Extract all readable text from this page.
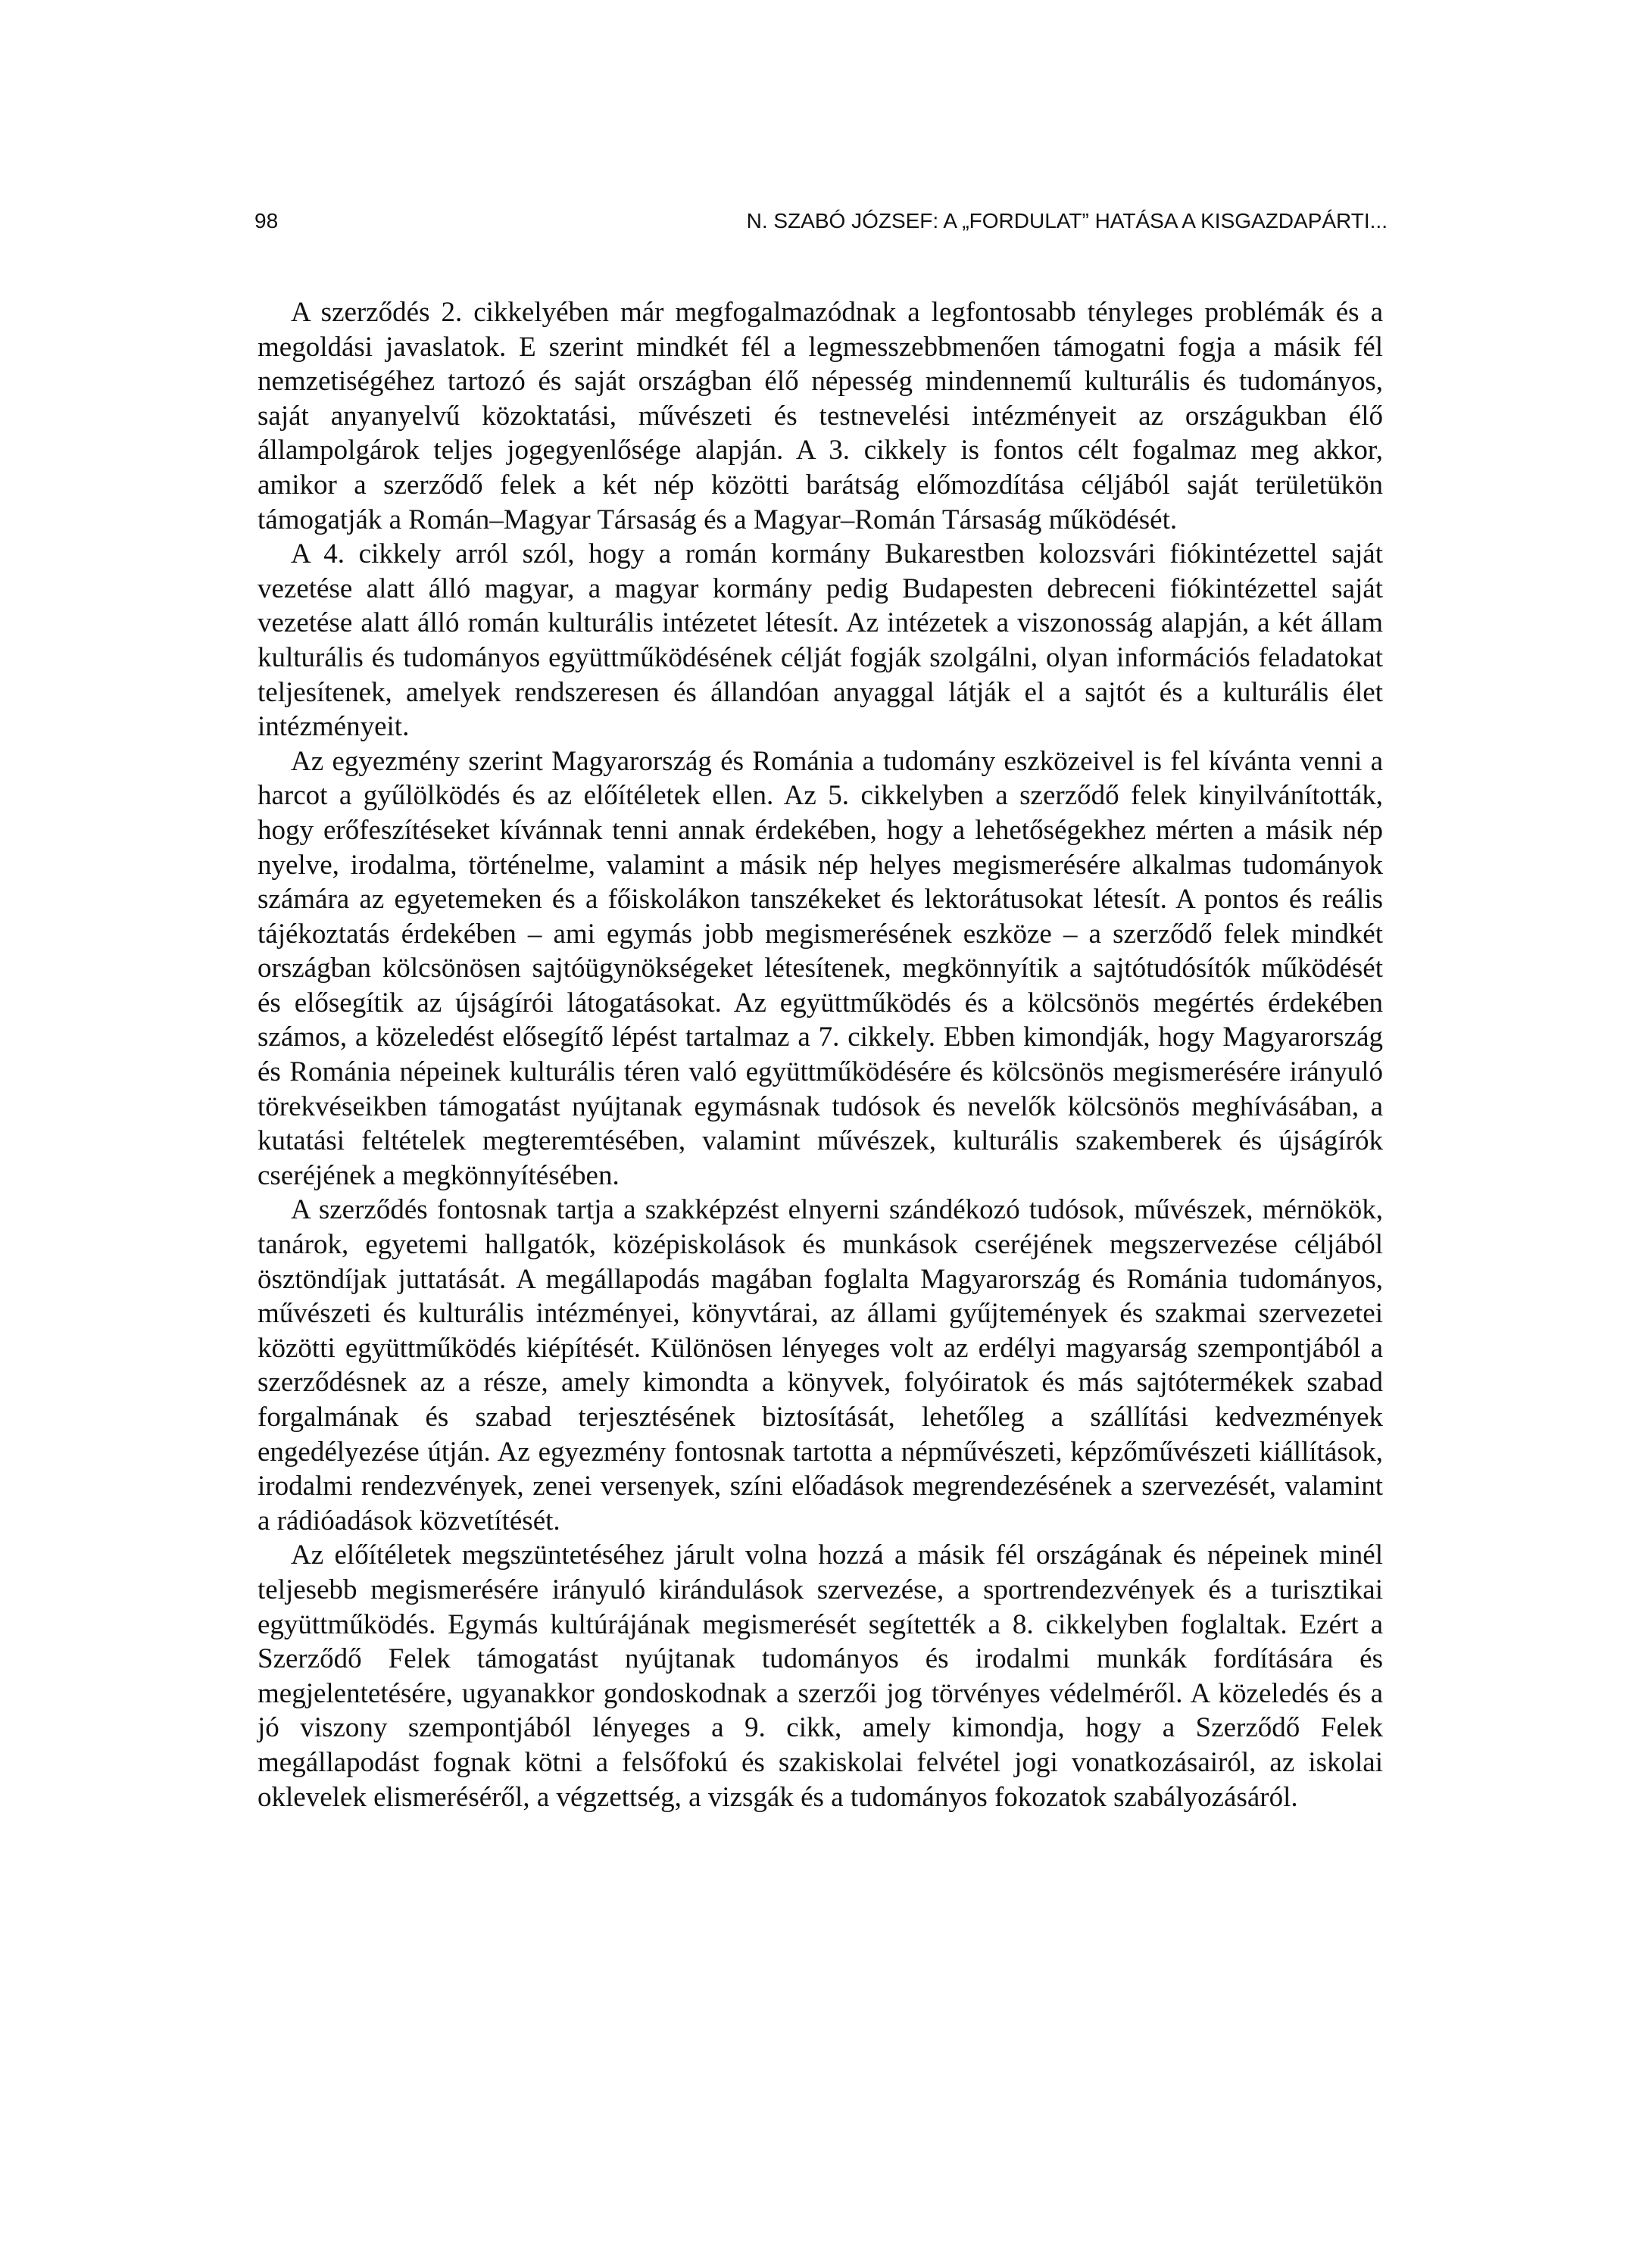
98	N. SZABÓ JÓZSEF: A „FORDULAT” HATÁSA A KISGAZDAPÁRTI...

A szerződés 2. cikkelyében már megfogalmazódnak a legfontosabb tényleges problémák és a megoldási javaslatok. E szerint mindkét fél a legmesszebbmenően támogatni fogja a másik fél nemzetiségéhez tartozó és saját országban élő népesség mindennemű kulturális és tudományos, saját anyanyelvű közoktatási, művészeti és testnevelési intézményeit az országukban élő állampolgárok teljes jogegyenlősége alapján. A 3. cikkely is fontos célt fogalmaz meg akkor, amikor a szerződő felek a két nép közötti barátság előmozdítása céljából saját területükön támogatják a Román–Magyar Társaság és a Magyar–Román Társaság működését.

A 4. cikkely arról szól, hogy a román kormány Bukarestben kolozsvári fiókintézettel saját vezetése alatt álló magyar, a magyar kormány pedig Budapesten debreceni fiókintézettel saját vezetése alatt álló román kulturális intézetet létesít. Az intézetek a viszonosság alapján, a két állam kulturális és tudományos együttműködésének célját fogják szolgálni, olyan információs feladatokat teljesítenek, amelyek rendszeresen és állandóan anyaggal látják el a sajtót és a kulturális élet intézményeit.

Az egyezmény szerint Magyarország és Románia a tudomány eszközeivel is fel kívánta venni a harcot a gyűlölködés és az előítéletek ellen. Az 5. cikkelyben a szerződő felek kinyilvánították, hogy erőfeszítéseket kívánnak tenni annak érdekében, hogy a lehetőségekhez mérten a másik nép nyelve, irodalma, történelme, valamint a másik nép helyes megismerésére alkalmas tudományok számára az egyetemeken és a főiskolákon tanszékeket és lektorátusokat létesít. A pontos és reális tájékoztatás érdekében – ami egymás jobb megismerésének eszköze – a szerződő felek mindkét országban kölcsönösen sajtóügynökségeket létesítenek, megkönnyítik a sajtótudósítók működését és elősegítik az újságírói látogatásokat. Az együttműködés és a kölcsönös megértés érdekében számos, a közeledést elősegítő lépést tartalmaz a 7. cikkely. Ebben kimondják, hogy Magyarország és Románia népeinek kulturális téren való együttműködésére és kölcsönös megismerésére irányuló törekvéseikben támogatást nyújtanak egymásnak tudósok és nevelők kölcsönös meghívásában, a kutatási feltételek megteremtésében, valamint művészek, kulturális szakemberek és újságírók cseréjének a megkönnyítésében.

A szerződés fontosnak tartja a szakképzést elnyerni szándékozó tudósok, művészek, mérnökök, tanárok, egyetemi hallgatók, középiskolások és munkások cseréjének megszervezése céljából ösztöndíjak juttatását. A megállapodás magában foglalta Magyarország és Románia tudományos, művészeti és kulturális intézményei, könyvtárai, az állami gyűjtemények és szakmai szervezetei közötti együttműködés kiépítését. Különösen lényeges volt az erdélyi magyarság szempontjából a szerződésnek az a része, amely kimondta a könyvek, folyóiratok és más sajtótermékek szabad forgalmának és szabad terjesztésének biztosítását, lehetőleg a szállítási kedvezmények engedélyezése útján. Az egyezmény fontosnak tartotta a népművészeti, képzőművészeti kiállítások, irodalmi rendezvények, zenei versenyek, színi előadások megrendezésének a szervezését, valamint a rádióadások közvetítését.

Az előítéletek megszüntetéséhez járult volna hozzá a másik fél országának és népeinek minél teljesebb megismerésére irányuló kirándulások szervezése, a sportrendezvények és a turisztikai együttműködés. Egymás kultúrájának megismerését segítették a 8. cikkelyben foglaltak. Ezért a Szerződő Felek támogatást nyújtanak tudományos és irodalmi munkák fordítására és megjelentetésére, ugyanakkor gondoskodnak a szerzői jog törvényes védelméről. A közeledés és a jó viszony szempontjából lényeges a 9. cikk, amely kimondja, hogy a Szerződő Felek megállapodást fognak kötni a felsőfokú és szakiskolai felvétel jogi vonatkozásairól, az iskolai oklevelek elismeréséről, a végzettség, a vizsgák és a tudományos fokozatok szabályozásáról.
